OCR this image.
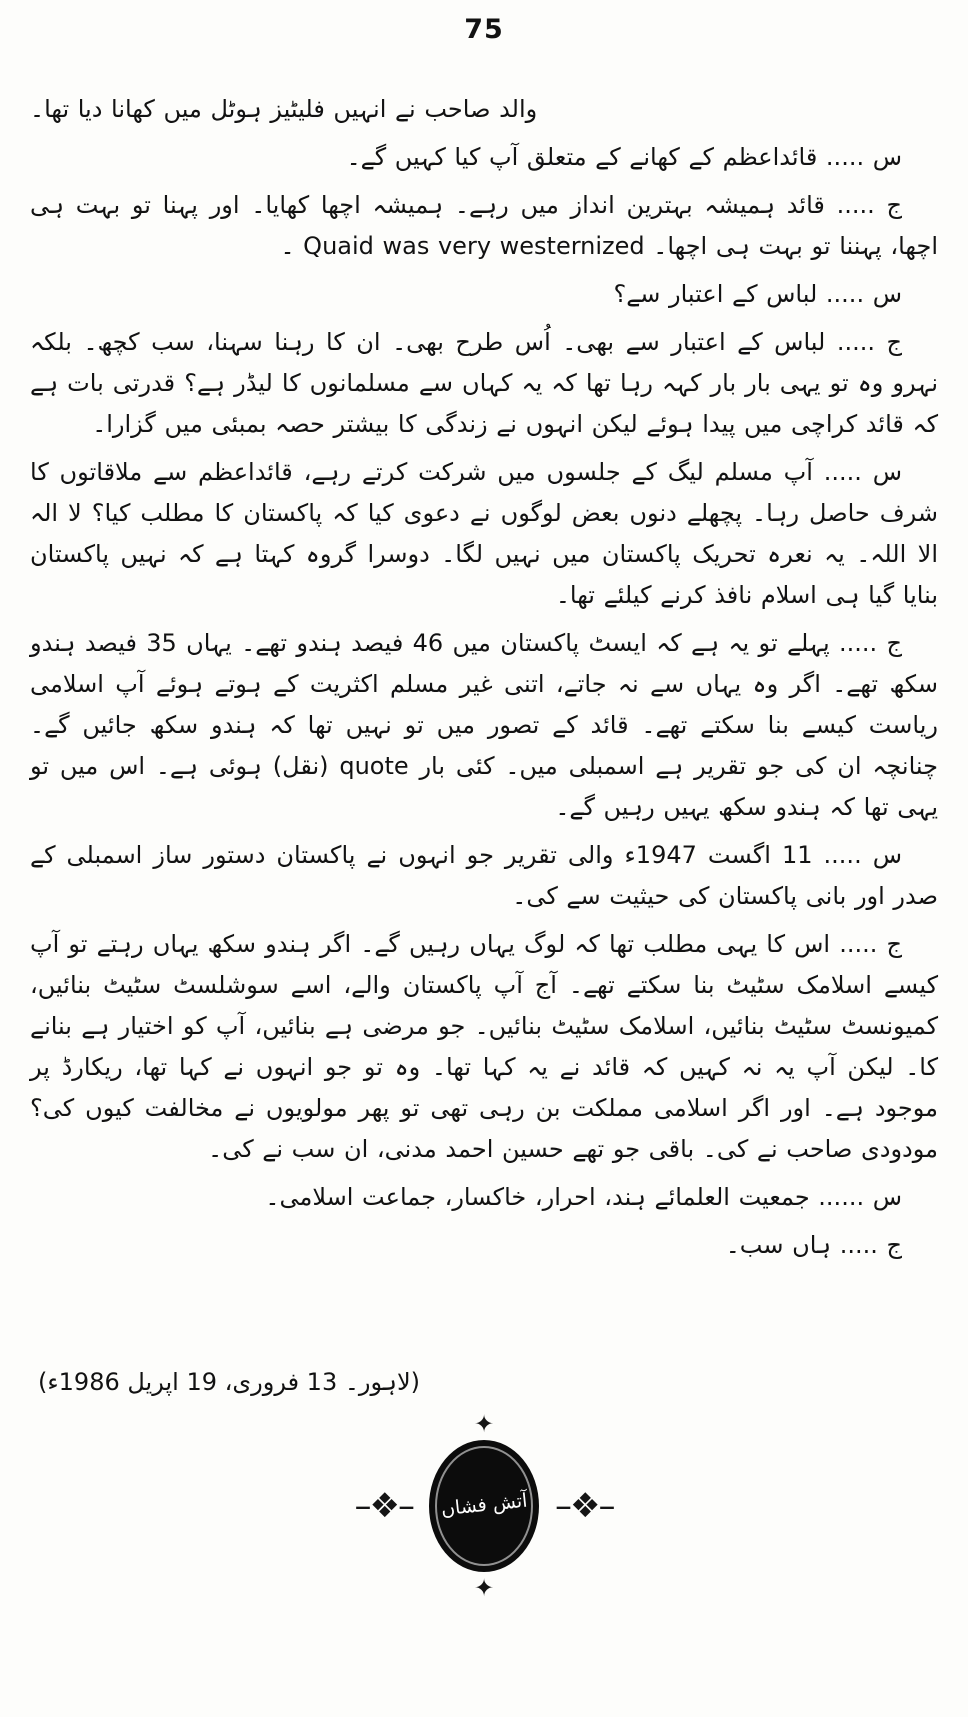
75

والد صاحب نے انہیں فلیٹیز ہوٹل میں کھانا دیا تھا۔

س ..... قائداعظم کے کھانے کے متعلق آپ کیا کہیں گے۔

ج ..... قائد ہمیشہ بہترین انداز میں رہے۔ ہمیشہ اچھا کھایا۔ اور پہنا تو بہت ہی اچھا، پہننا تو بہت ہی اچھا۔ Quaid was very westernized ۔

س ..... لباس کے اعتبار سے؟

ج ..... لباس کے اعتبار سے بھی۔ اُس طرح بھی۔ ان کا رہنا سہنا، سب کچھ۔ بلکہ نہرو وہ تو یہی بار بار کہہ رہا تھا کہ یہ کہاں سے مسلمانوں کا لیڈر ہے؟ قدرتی بات ہے کہ قائد کراچی میں پیدا ہوئے لیکن انہوں نے زندگی کا بیشتر حصہ بمبئی میں گزارا۔

س ..... آپ مسلم لیگ کے جلسوں میں شرکت کرتے رہے، قائداعظم سے ملاقاتوں کا شرف حاصل رہا۔ پچھلے دنوں بعض لوگوں نے دعوی کیا کہ پاکستان کا مطلب کیا؟ لا الہ الا اللہ۔ یہ نعرہ تحریک پاکستان میں نہیں لگا۔ دوسرا گروہ کہتا ہے کہ نہیں پاکستان بنایا گیا ہی اسلام نافذ کرنے کیلئے تھا۔

ج ..... پہلے تو یہ ہے کہ ایسٹ پاکستان میں 46 فیصد ہندو تھے۔ یہاں 35 فیصد ہندو سکھ تھے۔ اگر وہ یہاں سے نہ جاتے، اتنی غیر مسلم اکثریت کے ہوتے ہوئے آپ اسلامی ریاست کیسے بنا سکتے تھے۔ قائد کے تصور میں تو نہیں تھا کہ ہندو سکھ جائیں گے۔ چنانچہ ان کی جو تقریر ہے اسمبلی میں۔ کئی بار quote (نقل) ہوئی ہے۔ اس میں تو یہی تھا کہ ہندو سکھ یہیں رہیں گے۔

س ..... 11 اگست 1947ء والی تقریر جو انہوں نے پاکستان دستور ساز اسمبلی کے صدر اور بانی پاکستان کی حیثیت سے کی۔

ج ..... اس کا یہی مطلب تھا کہ لوگ یہاں رہیں گے۔ اگر ہندو سکھ یہاں رہتے تو آپ کیسے اسلامک سٹیٹ بنا سکتے تھے۔ آج آپ پاکستان والے، اسے سوشلسٹ سٹیٹ بنائیں، کمیونسٹ سٹیٹ بنائیں، اسلامک سٹیٹ بنائیں۔ جو مرضی ہے بنائیں، آپ کو اختیار ہے بنانے کا۔ لیکن آپ یہ نہ کہیں کہ قائد نے یہ کہا تھا۔ وہ تو جو انہوں نے کہا تھا، ریکارڈ پر موجود ہے۔ اور اگر اسلامی مملکت بن رہی تھی تو پھر مولویوں نے مخالفت کیوں کی؟ مودودی صاحب نے کی۔ باقی جو تھے حسین احمد مدنی، ان سب نے کی۔

س ...... جمعیت العلمائے ہند، احرار، خاکسار، جماعت اسلامی۔

ج ..... ہاں سب۔

(لاہور۔ 13 فروری، 19 اپریل 1986ء)
–❖–
✦
آتش فشاں
✦
–❖–
